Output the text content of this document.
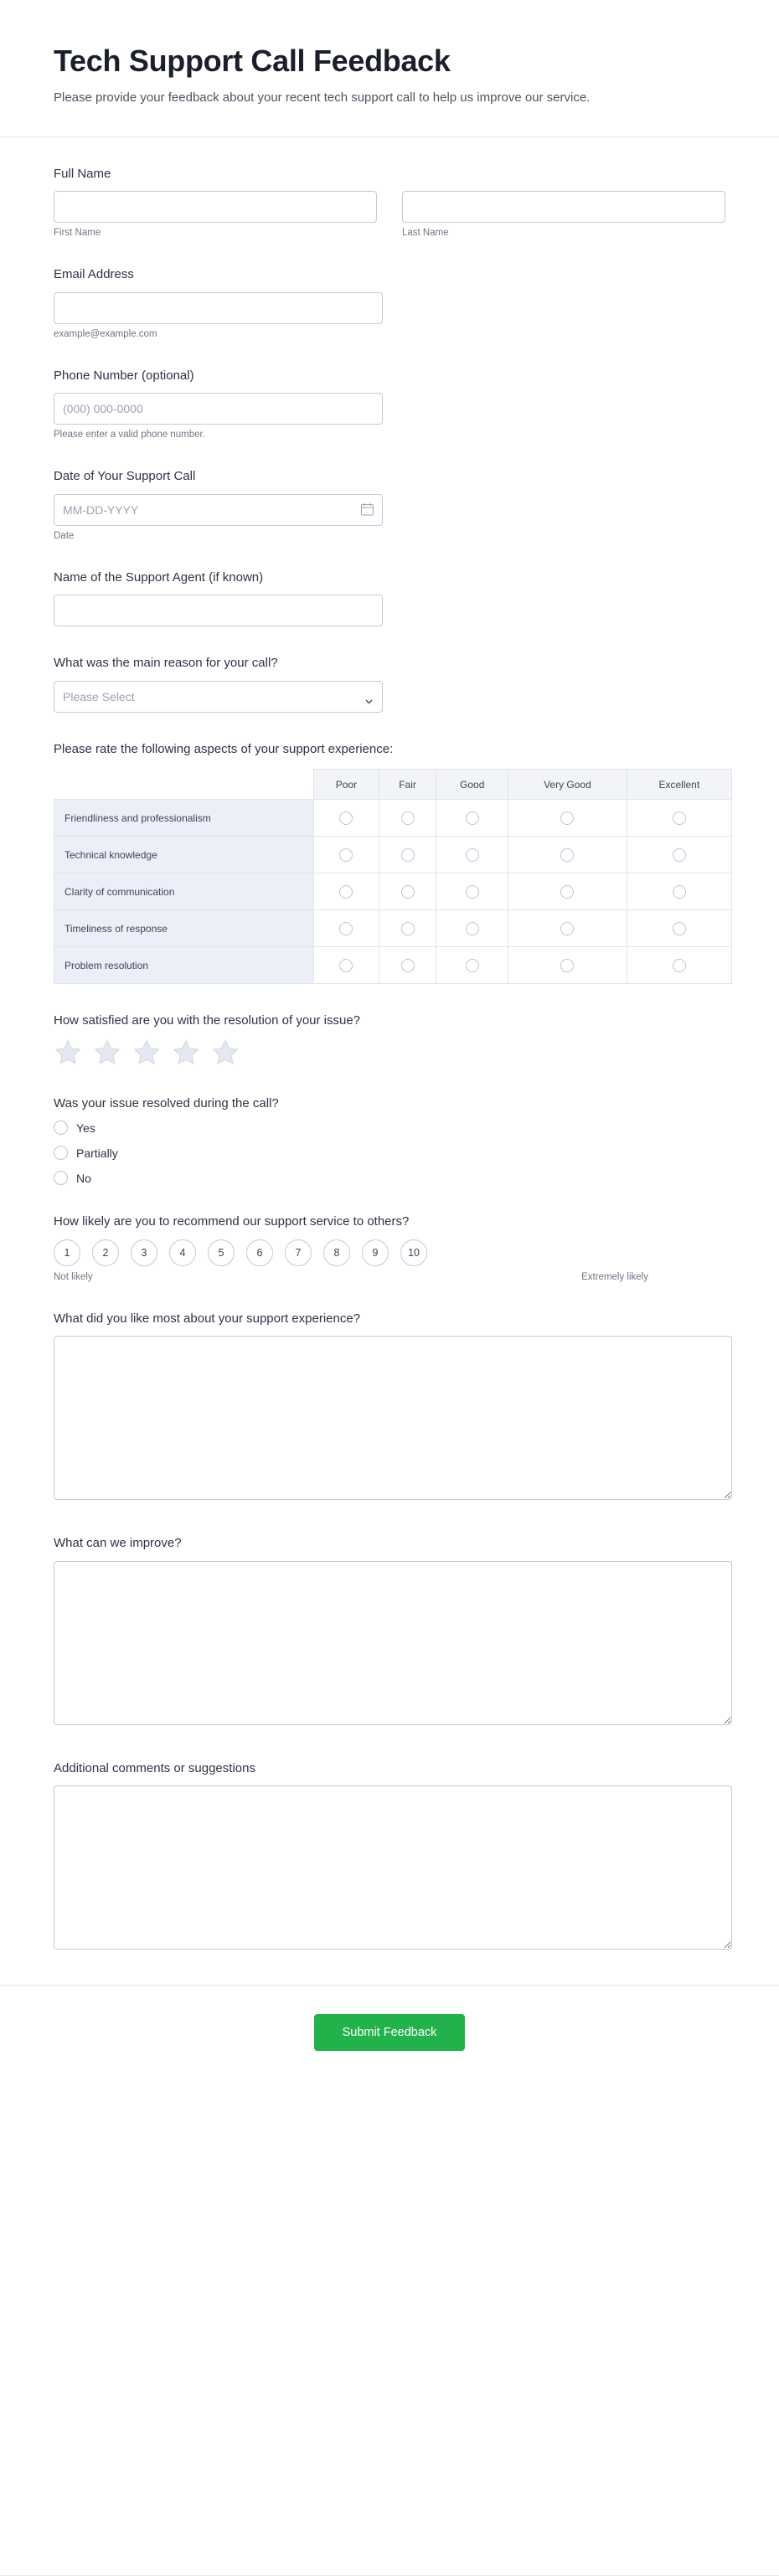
Tech Support Call Feedback

Please provide your feedback about your recent tech support call to help us improve our service.

Full Name
First Name	Last Name
Email Address
example@example.com
Phone Number (optional)
(000) 000-0000
Please enter a valid phone number.
Date of Your Support Call
MM-DD-YYYY
Date
Name of the Support Agent (if known)
What was the main reason for your call?
Please Select
Please rate the following aspects of your support experience:
	Poor	Fair	Good	Very Good	Excellent
Friendliness and professionalism					
Technical knowledge					
Clarity of communication					
Timeliness of response					
Problem resolution					
How satisfied are you with the resolution of your issue?
Was your issue resolved during the call?
Yes
Partially
No
How likely are you to recommend our support service to others?
1	2	3	4	5	6	7	8	9	10
Not likely	Extremely likely
What did you like most about your support experience?
What can we improve?
Additional comments or suggestions
Submit Feedback
